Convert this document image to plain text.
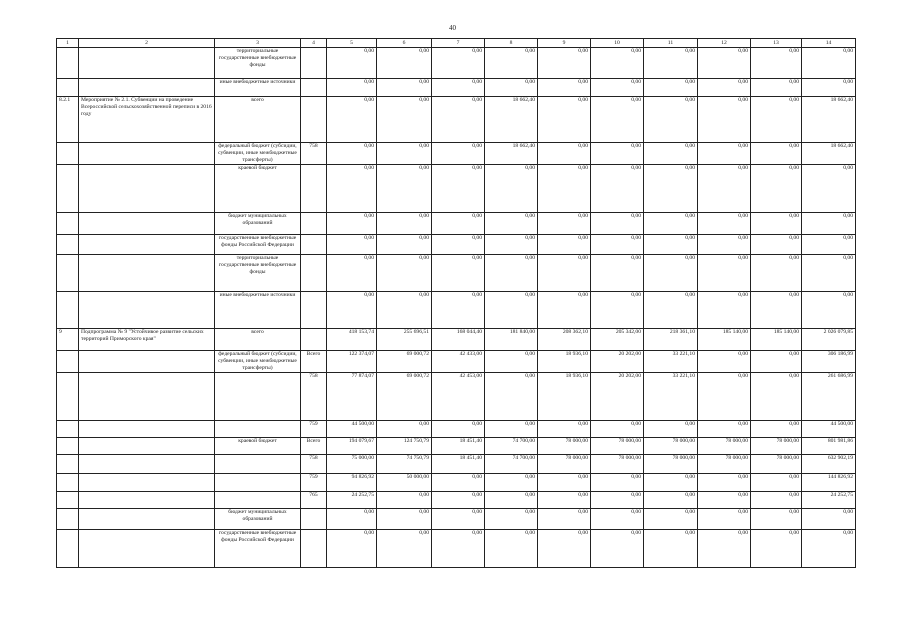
40
1	2	3	4	5	6	7	8	9	10	11	12	13	14
		территориальные государственные внебюджетные фонды		0,00	0,00	0,00	0,00	0,00	0,00	0,00	0,00	0,00	0,00
		иные внебюджетные источники		0,00	0,00	0,00	0,00	0,00	0,00	0,00	0,00	0,00	0,00
8.2.1	Мероприятие № 2.1. Субвенции на проведение Всероссийской сельскохозяйственной переписи в 2016 году	всего		0,00	0,00	0,00	18 662,40	0,00	0,00	0,00	0,00	0,00	18 662,40
		федеральный бюджет (субсидии, субвенции, иные межбюджетные трансферты)	758	0,00	0,00	0,00	18 662,40	0,00	0,00	0,00	0,00	0,00	18 662,40
		краевой бюджет		0,00	0,00	0,00	0,00	0,00	0,00	0,00	0,00	0,00	0,00
		бюджет муниципальных образований		0,00	0,00	0,00	0,00	0,00	0,00	0,00	0,00	0,00	0,00
		государственные внебюджетные фонды Российской Федерации		0,00	0,00	0,00	0,00	0,00	0,00	0,00	0,00	0,00	0,00
		территориальные государственные внебюджетные фонды		0,00	0,00	0,00	0,00	0,00	0,00	0,00	0,00	0,00	0,00
		иные внебюджетные источники		0,00	0,00	0,00	0,00	0,00	0,00	0,00	0,00	0,00	0,00
9	Подпрограмма № 9 "Устойчивое развитие сельских территорий Приморского края"	всего		418 153,74	255 696,51	168 044,40	181 840,00	208 362,10	205 342,00	218 361,10	185 140,00	185 140,00	2 026 079,85
		федеральный бюджет (субсидии, субвенции, иные межбюджетные трансферты)	Всего	122 374,07	69 000,72	42 433,00	0,00	18 936,10	20 202,00	33 221,10	0,00	0,00	306 186,99
			758	77 874,07	69 000,72	42 453,00	0,00	18 936,10	20 202,00	33 221,10	0,00	0,00	261 686,99
			759	44 500,00	0,00	0,00	0,00	0,00	0,00	0,00	0,00	0,00	44 500,00
		краевой бюджет	Всего	194 079,67	124 750,79	18 451,40	74 700,00	78 000,00	78 000,00	78 000,00	78 000,00	78 000,00	801 981,86
			758	75 000,00	74 750,79	18 451,40	74 700,00	78 000,00	78 000,00	78 000,00	78 000,00	78 000,00	632 902,19
			759	94 826,92	50 000,00	0,00	0,00	0,00	0,00	0,00	0,00	0,00	144 826,92
			765	24 252,75	0,00	0,00	0,00	0,00	0,00	0,00	0,00	0,00	24 252,75
		бюджет муниципальных образований		0,00	0,00	0,00	0,00	0,00	0,00	0,00	0,00	0,00	0,00
		государственные внебюджетные фонды Российской Федерации		0,00	0,00	0,00	0,00	0,00	0,00	0,00	0,00	0,00	0,00
